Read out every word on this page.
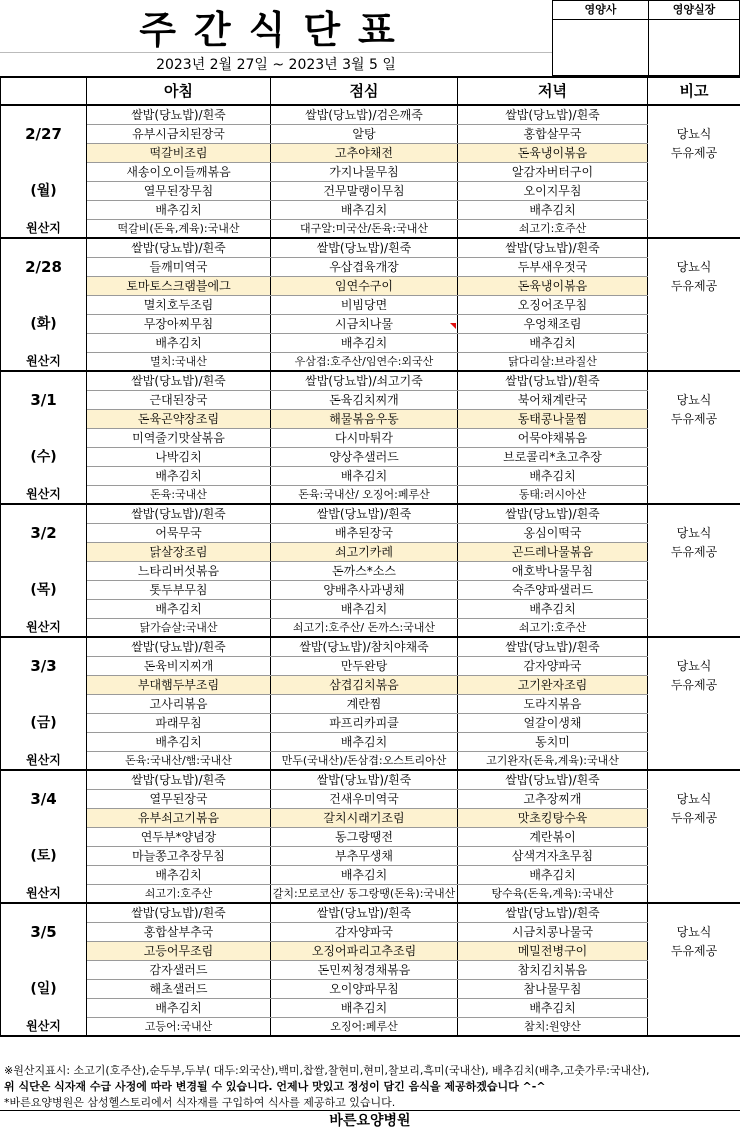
주간식단표
2023년 2월 27일 ~ 2023년 3월 5 일
영양사	영양실장
	아침	점심	저녁	비고
	쌀밥(당뇨밥)/흰죽	쌀밥(당뇨밥)/검은깨죽	쌀밥(당뇨밥)/흰죽	
2/27	유부시금치된장국	알탕	홍합살무국	당뇨식
	떡갈비조림	고추야채전	돈육냉이볶음	두유제공
	새송이오이들깨볶음	가지나물무침	알감자버터구이	
(월)	열무된장무침	건무말랭이무침	오이지무침	
	배추김치	배추김치	배추김치	
원산지	떡갈비(돈육,계육):국내산	대구알:미국산/돈육:국내산	쇠고기:호주산	
	쌀밥(당뇨밥)/흰죽	쌀밥(당뇨밥)/흰죽	쌀밥(당뇨밥)/흰죽	
2/28	들깨미역국	우삽겹육개장	두부새우젓국	당뇨식
	토마토스크램블에그	임연수구이	돈육냉이볶음	두유제공
	멸치호두조림	비빔당면	오징어조무침	
(화)	무장아찌무침	시금치나물	우엉채조림	
	배추김치	배추김치	배추김치	
원산지	멸치:국내산	우삼겹:호주산/임연수:외국산	닭다리살:브라질산	
	쌀밥(당뇨밥)/흰죽	쌀밥(당뇨밥)/쇠고기죽	쌀밥(당뇨밥)/흰죽	
3/1	근대된장국	돈육김치찌개	북어채계란국	당뇨식
	돈육곤약장조림	해물볶음우동	동태콩나물찜	두유제공
	미역줄기맛살볶음	다시마튀각	어묵야채볶음	
(수)	나박김치	양상추샐러드	브로콜리*초고추장	
	배추김치	배추김치	배추김치	
원산지	돈육:국내산	돈육:국내산/ 오징어:페루산	동태:러시아산	
	쌀밥(당뇨밥)/흰죽	쌀밥(당뇨밥)/흰죽	쌀밥(당뇨밥)/흰죽	
3/2	어묵무국	배추된장국	옹심이떡국	당뇨식
	닭살장조림	쇠고기카레	곤드레나물볶음	두유제공
	느타리버섯볶음	돈까스*소스	애호박나물무침	
(목)	톳두부무침	양배추사과냉채	숙주양파샐러드	
	배추김치	배추김치	배추김치	
원산지	닭가슴살:국내산	쇠고기:호주산/ 돈까스:국내산	쇠고기:호주산	
	쌀밥(당뇨밥)/흰죽	쌀밥(당뇨밥)/참치야채죽	쌀밥(당뇨밥)/흰죽	
3/3	돈육비지찌개	만두완탕	감자양파국	당뇨식
	부대햄두부조림	삼겹김치볶음	고기완자조림	두유제공
	고사리볶음	계란찜	도라지볶음	
(금)	파래무침	파프리카피클	얼갈이생채	
	배추김치	배추김치	동치미	
원산지	돈육:국내산/햄:국내산	만두(국내산)/돈삼겹:오스트리아산	고기완자(돈육,계육):국내산	
	쌀밥(당뇨밥)/흰죽	쌀밥(당뇨밥)/흰죽	쌀밥(당뇨밥)/흰죽	
3/4	열무된장국	건새우미역국	고추장찌개	당뇨식
	유부쇠고기볶음	갈치시래기조림	맛초킹탕수육	두유제공
	연두부*양념장	동그랑땡전	계란볶이	
(토)	마늘쫑고추장무침	부추무생채	삼색겨자초무침	
	배추김치	배추김치	배추김치	
원산지	쇠고기:호주산	갈치:모로코산/ 동그랑땡(돈육):국내산	탕수육(돈육,계육):국내산	
	쌀밥(당뇨밥)/흰죽	쌀밥(당뇨밥)/흰죽	쌀밥(당뇨밥)/흰죽	
3/5	홍합살부추국	감자양파국	시금치콩나물국	당뇨식
	고등어무조림	오징어파리고추조림	메밀전병구이	두유제공
	감자샐러드	돈민찌청경채볶음	참치김치볶음	
(일)	해초샐러드	오이양파무침	참나물무침	
	배추김치	배추김치	배추김치	
원산지	고등어:국내산	오징어:페루산	참치:원양산	
※원산지표시: 소고기(호주산),순두부,두부( 대두:외국산),백미,찹쌀,찰현미,현미,찰보리,흑미(국내산), 배추김치(배추,고춧가루:국내산),
위 식단은 식자재 수급 사정에 따라 변경될 수 있습니다. 언제나 맛있고 정성이 담긴 음식을 제공하겠습니다 ^-^
*바른요양병원은 삼성헬스토리에서 식자재를 구입하여 식사를 제공하고 있습니다.
바른요양병원
